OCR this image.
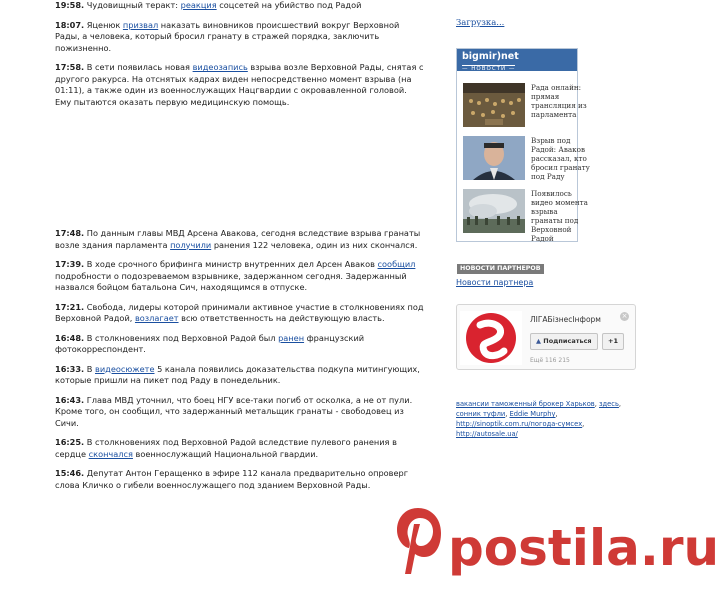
19:58. Чудовищный теракт: реакция соцсетей на убийство под Радой
18:07. Яценюк призвал наказать виновников происшествий вокруг Верховной Рады, а человека, который бросил гранату в стражей порядка, заключить пожизненно.
17:58. В сети появилась новая видеозапись взрыва возле Верховной Рады, снятая с другого ракурса. На отснятых кадрах виден непосредственно момент взрыва (на 01:11), а также один из военнослужащих Нацгвардии с окровавленной головой. Ему пытаются оказать первую медицинскую помощь.
17:48. По данным главы МВД Арсена Авакова, сегодня вследствие взрыва гранаты возле здания парламента получили ранения 122 человека, один из них скончался.
17:39. В ходе срочного брифинга министр внутренних дел Арсен Аваков сообщил подробности о подозреваемом взрывнике, задержанном сегодня. Задержанный назвался бойцом батальона Сич, находящимся в отпуске.
17:21. Свобода, лидеры которой принимали активное участие в столкновениях под Верховной Радой, возлагает всю ответственность на действующую власть.
16:48. В столкновениях под Верховной Радой был ранен французский фотокорреспондент.
16:33. В видеосюжете 5 канала появились доказательства подкупа митингующих, которые пришли на пикет под Раду в понедельник.
16:43. Глава МВД уточнил, что боец НГУ все-таки погиб от осколка, а не от пули. Кроме того, он сообщил, что задержанный метальщик гранаты - свободовец из Сичи.
16:25. В столкновениях под Верховной Радой вследствие пулевого ранения в сердце скончался военнослужащий Национальной гвардии.
15:46. Депутат Антон Геращенко в эфире 112 канала предварительно опроверг слова Кличко о гибели военнослужащего под зданием Верховной Рады.
Загрузка...
bigmir)net
— НОВОСТИ —
Рада онлайн: прямая трансляция из парламента
Взрыв под Радой: Аваков рассказал, кто бросил гранату под Раду
Появилось видео момента взрыва гранаты под Верховной Радой
НОВОСТИ ПАРТНЕРОВ
Новости партнера
ЛІГАБізнесІнформ	×
▲ Подписаться	+1
Ещё 116 215
вакансии таможенный брокер Харьков, здесь, сонник туфли, Eddie Murphy, http://sinoptik.com.ru/погода-сумcех, http://autosale.ua/
postila.ru
